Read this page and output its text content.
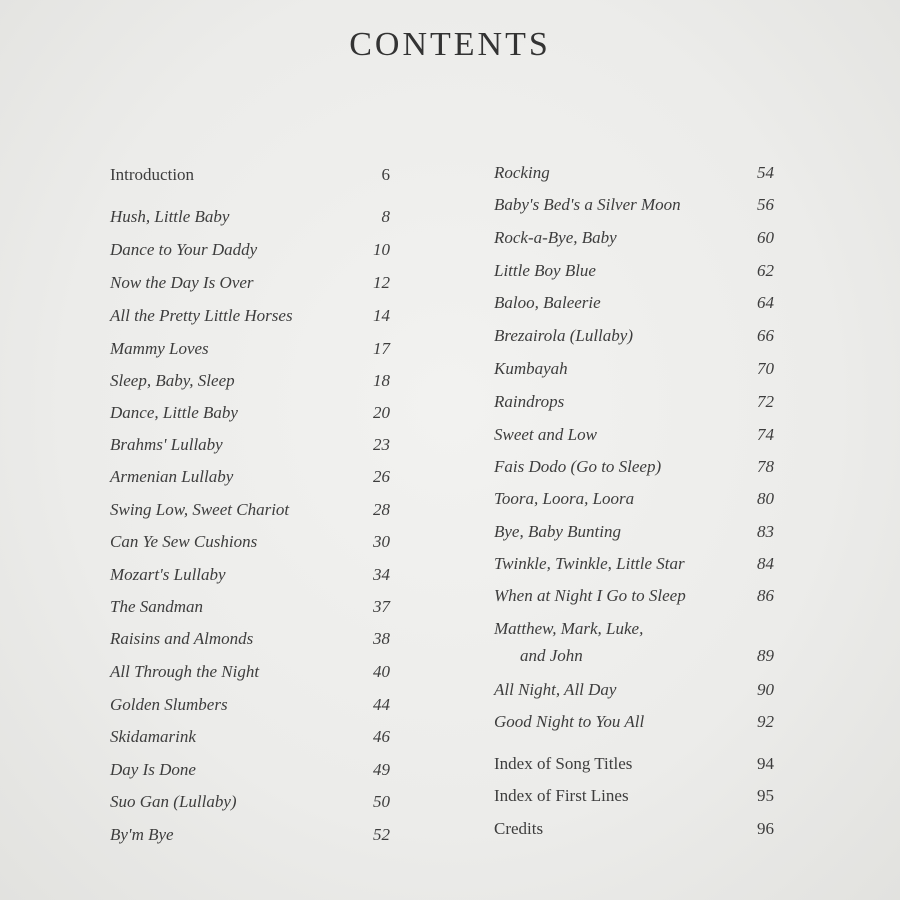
CONTENTS
Introduction	6
Hush, Little Baby	8
Dance to Your Daddy	10
Now the Day Is Over	12
All the Pretty Little Horses	14
Mammy Loves	17
Sleep, Baby, Sleep	18
Dance, Little Baby	20
Brahms' Lullaby	23
Armenian Lullaby	26
Swing Low, Sweet Chariot	28
Can Ye Sew Cushions	30
Mozart's Lullaby	34
The Sandman	37
Raisins and Almonds	38
All Through the Night	40
Golden Slumbers	44
Skidamarink	46
Day Is Done	49
Suo Gan (Lullaby)	50
By'm Bye	52
Rocking	54
Baby's Bed's a Silver Moon	56
Rock-a-Bye, Baby	60
Little Boy Blue	62
Baloo, Baleerie	64
Brezairola (Lullaby)	66
Kumbayah	70
Raindrops	72
Sweet and Low	74
Fais Dodo (Go to Sleep)	78
Toora, Loora, Loora	80
Bye, Baby Bunting	83
Twinkle, Twinkle, Little Star	84
When at Night I Go to Sleep	86
Matthew, Mark, Luke,
and John	89
All Night, All Day	90
Good Night to You All	92
Index of Song Titles	94
Index of First Lines	95
Credits	96
